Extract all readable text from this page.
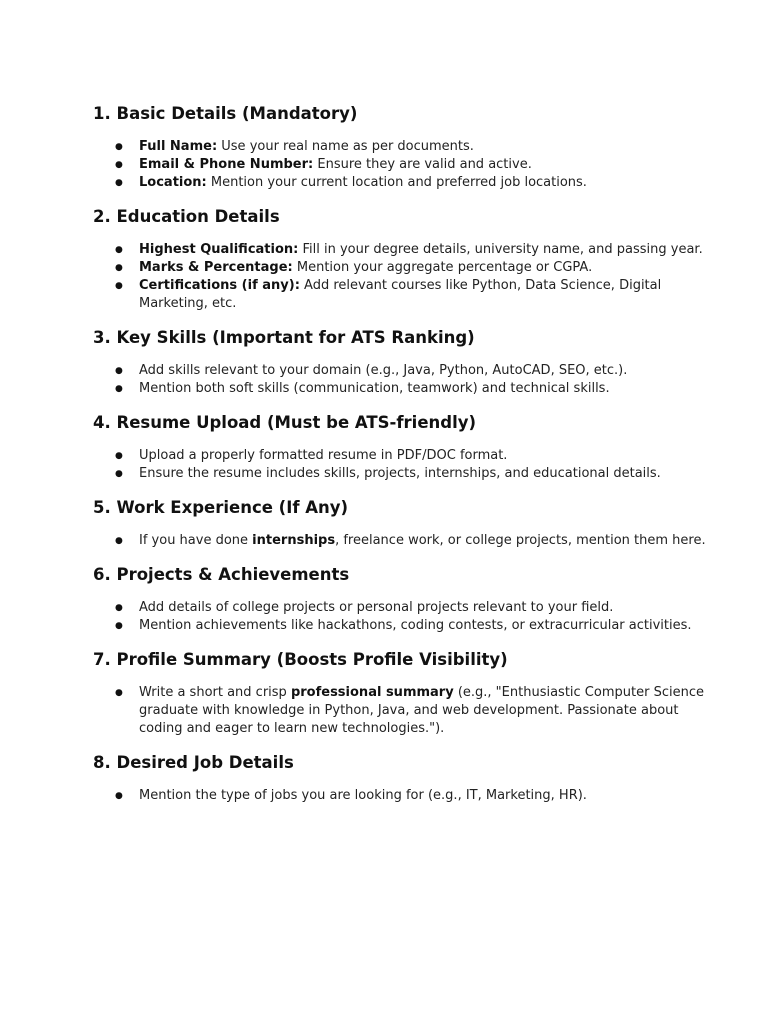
1. Basic Details (Mandatory)
● Full Name: Use your real name as per documents.
● Email & Phone Number: Ensure they are valid and active.
● Location: Mention your current location and preferred job locations.
2. Education Details
● Highest Qualification: Fill in your degree details, university name, and passing year.
● Marks & Percentage: Mention your aggregate percentage or CGPA.
● Certifications (if any): Add relevant courses like Python, Data Science, Digital Marketing, etc.
3. Key Skills (Important for ATS Ranking)
● Add skills relevant to your domain (e.g., Java, Python, AutoCAD, SEO, etc.).
● Mention both soft skills (communication, teamwork) and technical skills.
4. Resume Upload (Must be ATS-friendly)
● Upload a properly formatted resume in PDF/DOC format.
● Ensure the resume includes skills, projects, internships, and educational details.
5. Work Experience (If Any)
● If you have done internships, freelance work, or college projects, mention them here.
6. Projects & Achievements
● Add details of college projects or personal projects relevant to your field.
● Mention achievements like hackathons, coding contests, or extracurricular activities.
7. Profile Summary (Boosts Profile Visibility)
● Write a short and crisp professional summary (e.g., "Enthusiastic Computer Science graduate with knowledge in Python, Java, and web development. Passionate about coding and eager to learn new technologies.").
8. Desired Job Details
● Mention the type of jobs you are looking for (e.g., IT, Marketing, HR).
